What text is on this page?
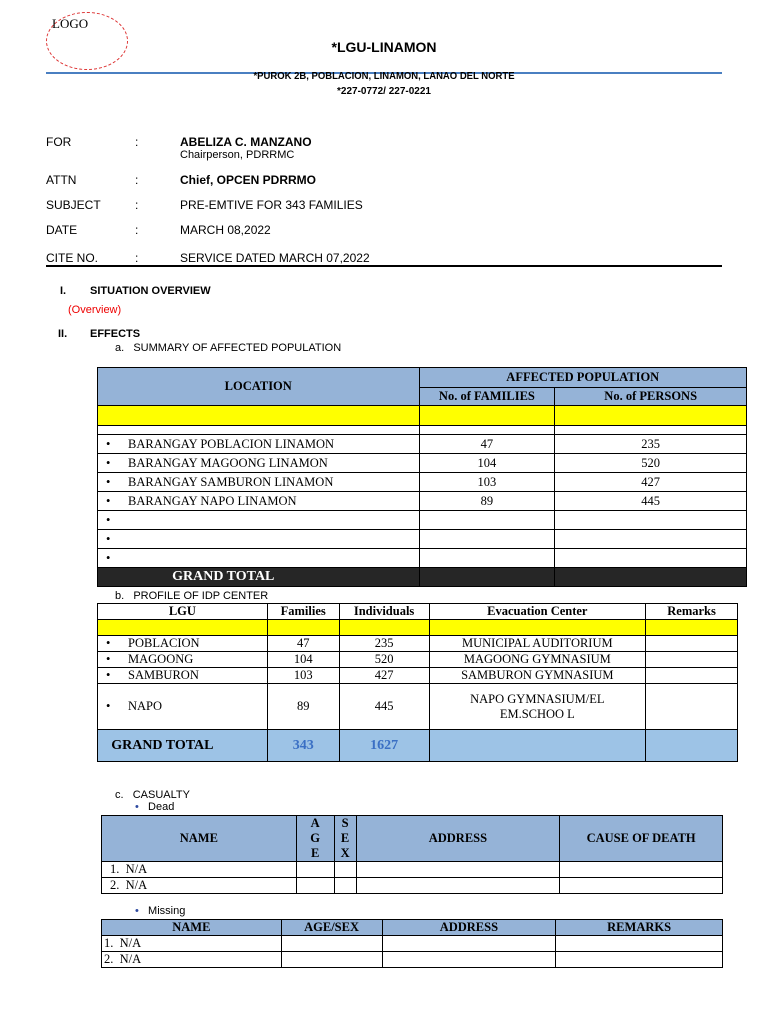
LOGO
*LGU-LINAMON
*PUROK 2B, POBLACION, LINAMON, LANAO DEL NORTE
*227-0772/ 227-0221
FOR	:	ABELIZA C. MANZANO
Chairperson, PDRRMC
ATTN	:	Chief, OPCEN PDRRMO
SUBJECT	:	PRE-EMTIVE FOR 343 FAMILIES
DATE	:	MARCH 08,2022
CITE NO.	:	SERVICE DATED MARCH 07,2022
I. SITUATION OVERVIEW
(Overview)
II. EFFECTS
a.   SUMMARY OF AFFECTED POPULATION
LOCATION	AFFECTED POPULATION	
	No. of FAMILIES	No. of PERSONS

• BARANGAY POBLACION LINAMON	47	235
• BARANGAY MAGOONG LINAMON	104	520
• BARANGAY SAMBURON LINAMON	103	427
• BARANGAY NAPO LINAMON	89	445
•		
•		
•		
GRAND TOTAL		
b.   PROFILE OF IDP CENTER
LGU	Families	Individuals	Evacuation Center	Remarks

• POBLACION	47	235	MUNICIPAL AUDITORIUM	
• MAGOONG	104	520	MAGOONG GYMNASIUM	
• SAMBURON	103	427	SAMBURON GYMNASIUM	
• NAPO	89	445	NAPO GYMNASIUM/ELEM.SCHOO L	
GRAND TOTAL	343	1627		
c.   CASUALTY
• Dead
NAME	A G E	S E X	ADDRESS	CAUSE OF DEATH
1.  N/A				
2.  N/A				
• Missing
NAME	AGE/SEX	ADDRESS	REMARKS
1.  N/A			
2.  N/A			
